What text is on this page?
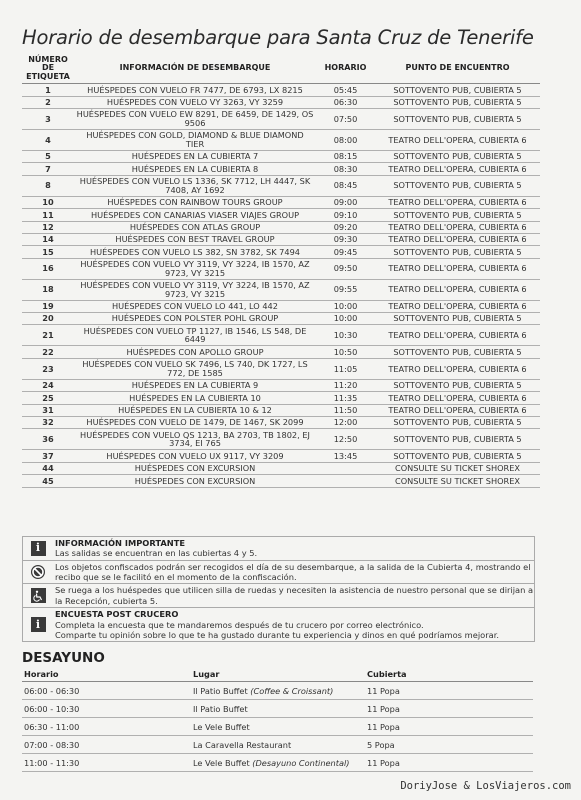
Horario de desembarque para Santa Cruz de Tenerife
NÚMERO DE ETIQUETA	INFORMACIÓN DE DESEMBARQUE	HORARIO	PUNTO DE ENCUENTRO
1	HUÉSPEDES CON VUELO FR 7477, DE 6793, LX 8215	05:45	SOTTOVENTO PUB, CUBIERTA 5
2	HUÉSPEDES CON VUELO VY 3263, VY 3259	06:30	SOTTOVENTO PUB, CUBIERTA 5
3	HUÉSPEDES CON VUELO EW 8291, DE 6459, DE 1429, OS 9506	07:50	SOTTOVENTO PUB, CUBIERTA 5
4	HUÉSPEDES CON GOLD, DIAMOND & BLUE DIAMOND TIER	08:00	TEATRO DELL'OPERA, CUBIERTA 6
5	HUÉSPEDES EN LA CUBIERTA 7	08:15	SOTTOVENTO PUB, CUBIERTA 5
7	HUÉSPEDES EN LA CUBIERTA 8	08:30	TEATRO DELL'OPERA, CUBIERTA 6
8	HUÉSPEDES CON VUELO LS 1336, SK 7712, LH 4447, SK 7408, AY 1692	08:45	SOTTOVENTO PUB, CUBIERTA 5
10	HUÉSPEDES CON RAINBOW TOURS GROUP	09:00	TEATRO DELL'OPERA, CUBIERTA 6
11	HUÉSPEDES CON CANARIAS VIASER VIAJES GROUP	09:10	SOTTOVENTO PUB, CUBIERTA 5
12	HUÉSPEDES CON ATLAS GROUP	09:20	TEATRO DELL'OPERA, CUBIERTA 6
14	HUÉSPEDES CON BEST TRAVEL GROUP	09:30	TEATRO DELL'OPERA, CUBIERTA 6
15	HUÉSPEDES CON VUELO LS 382, SN 3782, SK 7494	09:45	SOTTOVENTO PUB, CUBIERTA 5
16	HUÉSPEDES CON VUELO VY 3119, VY 3224, IB 1570, AZ 9723, VY 3215	09:50	TEATRO DELL'OPERA, CUBIERTA 6
18	HUÉSPEDES CON VUELO VY 3119, VY 3224, IB 1570, AZ 9723, VY 3215	09:55	TEATRO DELL'OPERA, CUBIERTA 6
19	HUÉSPEDES CON VUELO LO 441, LO 442	10:00	TEATRO DELL'OPERA, CUBIERTA 6
20	HUÉSPEDES CON POLSTER POHL GROUP	10:00	SOTTOVENTO PUB, CUBIERTA 5
21	HUÉSPEDES CON VUELO TP 1127, IB 1546, LS 548, DE 6449	10:30	TEATRO DELL'OPERA, CUBIERTA 6
22	HUÉSPEDES CON APOLLO GROUP	10:50	SOTTOVENTO PUB, CUBIERTA 5
23	HUÉSPEDES CON VUELO SK 7496, LS 740, DK 1727, LS 772, DE 1585	11:05	TEATRO DELL'OPERA, CUBIERTA 6
24	HUÉSPEDES EN LA CUBIERTA 9	11:20	SOTTOVENTO PUB, CUBIERTA 5
25	HUÉSPEDES EN LA CUBIERTA 10	11:35	TEATRO DELL'OPERA, CUBIERTA 6
31	HUÉSPEDES EN LA CUBIERTA 10 & 12	11:50	TEATRO DELL'OPERA, CUBIERTA 6
32	HUÉSPEDES CON VUELO DE 1479, DE 1467, SK 2099	12:00	SOTTOVENTO PUB, CUBIERTA 5
36	HUÉSPEDES CON VUELO QS 1213, BA 2703, TB 1802, EJ 3734, EI 765	12:50	SOTTOVENTO PUB, CUBIERTA 5
37	HUÉSPEDES CON VUELO UX 9117, VY 3209	13:45	SOTTOVENTO PUB, CUBIERTA 5
44	HUÉSPEDES CON EXCURSION		CONSULTE SU TICKET SHOREX
45	HUÉSPEDES CON EXCURSION		CONSULTE SU TICKET SHOREX
i	INFORMACIÓN IMPORTANTE
Las salidas se encuentran en las cubiertas 4 y 5.
Los objetos confiscados podrán ser recogidos el día de su desembarque, a la salida de la Cubierta 4, mostrando el recibo que se le facilitó en el momento de la confiscación.
Se ruega a los huéspedes que utilicen silla de ruedas y necesiten la asistencia de nuestro personal que se dirijan a la Recepción, cubierta 5.
i
ENCUESTA POST CRUCERO
Completa la encuesta que te mandaremos después de tu crucero por correo electrónico.
Comparte tu opinión sobre lo que te ha gustado durante tu experiencia y dinos en qué podríamos mejorar.
DESAYUNO
Horario	Lugar	Cubierta
06:00 - 06:30	Il Patio Buffet (Coffee & Croissant)	11 Popa
06:00 - 10:30	Il Patio Buffet	11 Popa
06:30 - 11:00	Le Vele Buffet	11 Popa
07:00 - 08:30	La Caravella Restaurant	5 Popa
11:00 - 11:30	Le Vele Buffet (Desayuno Continental)	11 Popa
DoriyJose & LosViajeros.com
